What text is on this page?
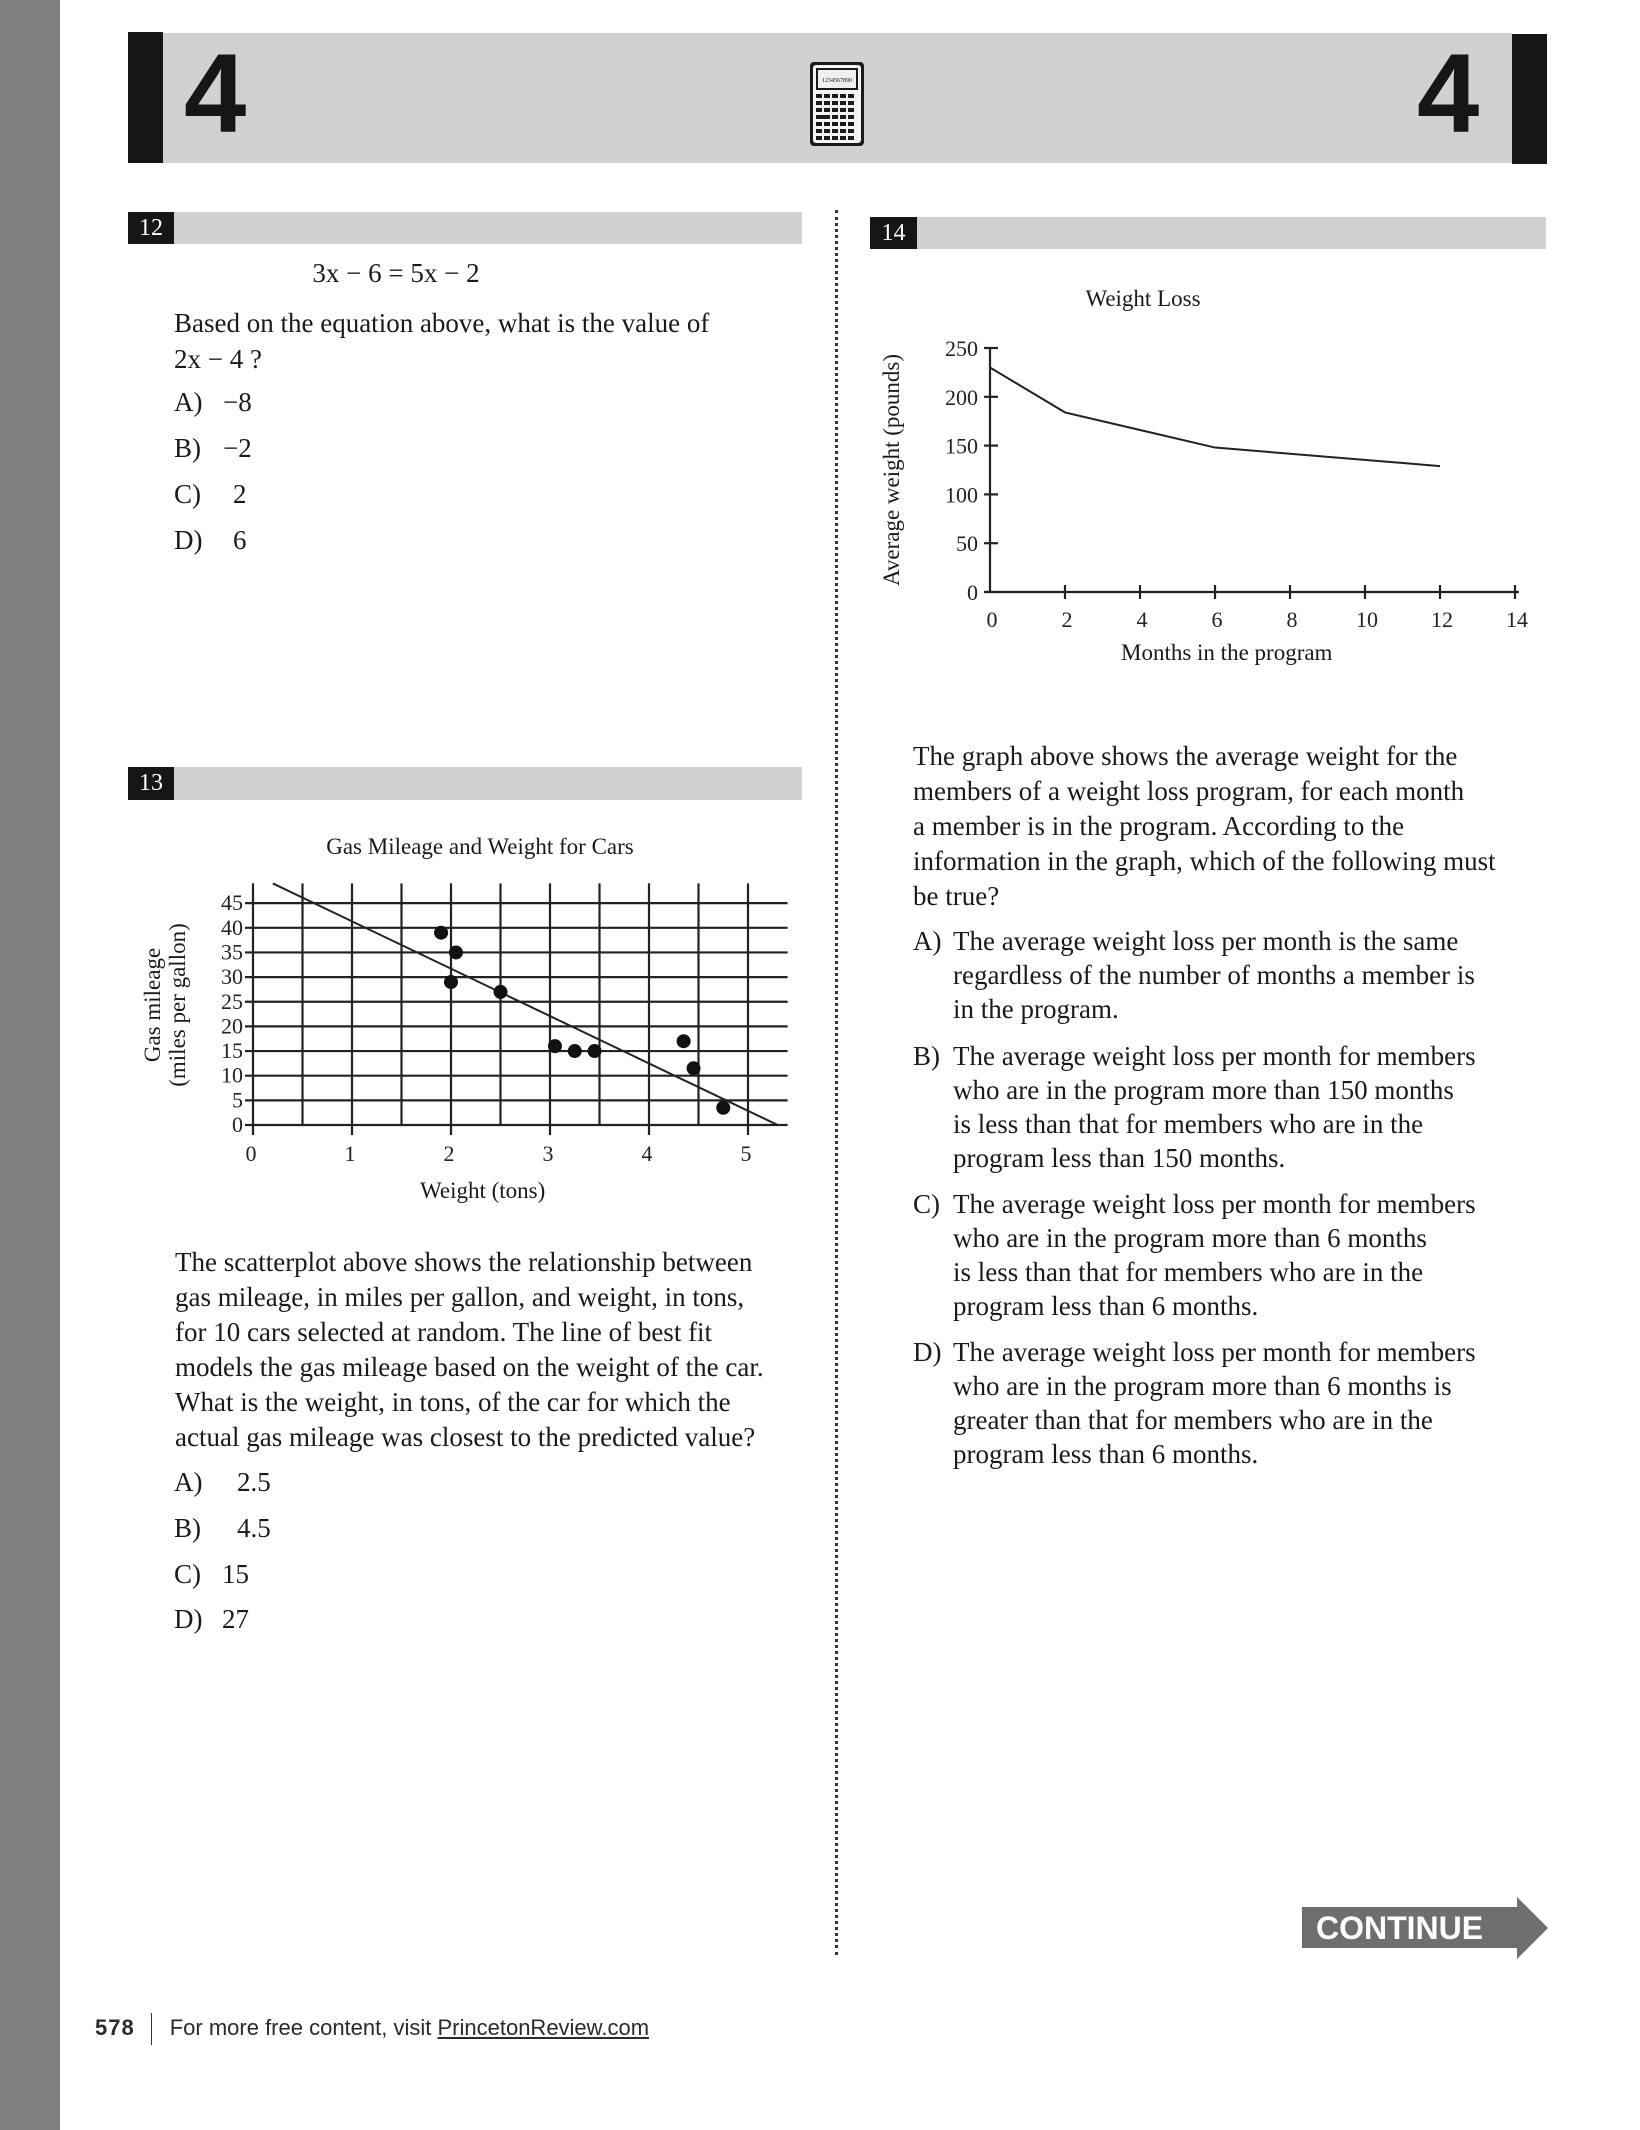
4	4
1234567890
12
3x − 6 = 5x − 2
Based on the equation above, what is the value of
2x − 4 ?
A) −8
B) −2
C) 2
D) 6
13
Gas Mileage and Weight for Cars
Gas mileage (miles per gallon)
0
5
10
15
20
25
30
35
40
45
0	1	2	3	4	5
Weight (tons)
The scatterplot above shows the relationship between
gas mileage, in miles per gallon, and weight, in tons,
for 10 cars selected at random. The line of best fit
models the gas mileage based on the weight of the car.
What is the weight, in tons, of the car for which the
actual gas mileage was closest to the predicted value?
A) 2.5
B) 4.5
C) 15
D) 27
14
Weight Loss
Average weight (pounds)
0
50
100
150
200
250
0	2	4	6	8	10 12 14
Months in the program
The graph above shows the average weight for the
members of a weight loss program, for each month
a member is in the program. According to the
information in the graph, which of the following must
be true?
A) The average weight loss per month is the same
regardless of the number of months a member is
in the program.
B) The average weight loss per month for members
who are in the program more than 150 months
is less than that for members who are in the
program less than 150 months.
C) The average weight loss per month for members
who are in the program more than 6 months
is less than that for members who are in the
program less than 6 months.
D) The average weight loss per month for members
who are in the program more than 6 months is
greater than that for members who are in the
program less than 6 months.
CONTINUE
578 For more free content, visit PrincetonReview.com
